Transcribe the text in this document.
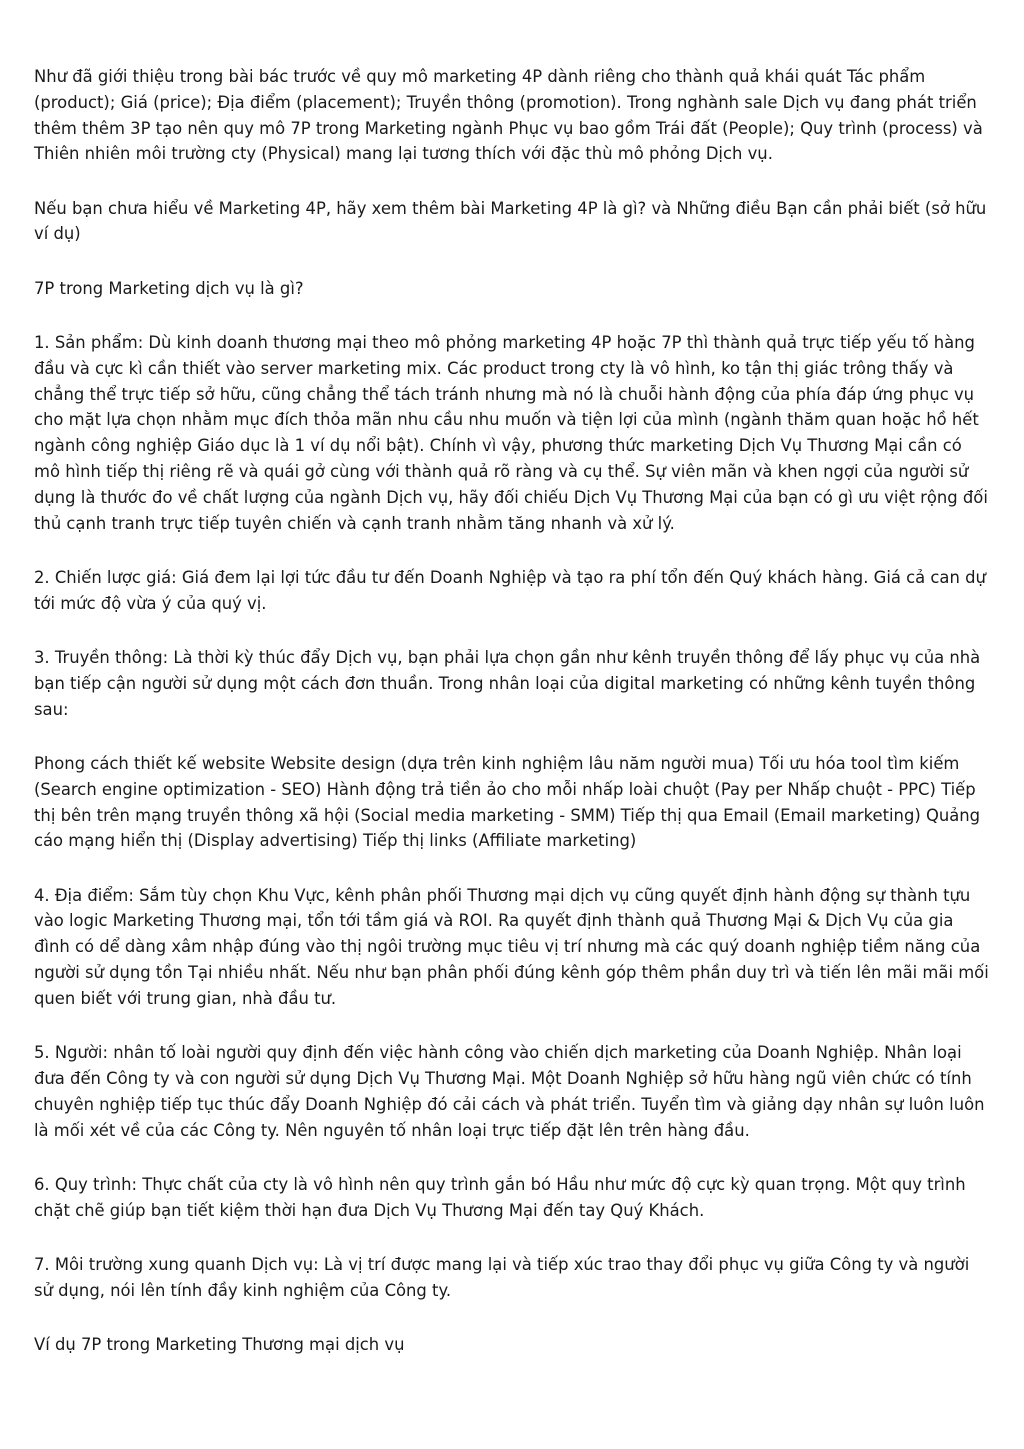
Như đã giới thiệu trong bài bác trước về quy mô marketing 4P dành riêng cho thành quả khái quát Tác phẩm (product); Giá (price); Địa điểm (placement); Truyền thông (promotion). Trong nghành sale Dịch vụ đang phát triển thêm thêm 3P tạo nên quy mô 7P trong Marketing ngành Phục vụ bao gồm Trái đất (People); Quy trình (process) và Thiên nhiên môi trường cty (Physical) mang lại tương thích với đặc thù mô phỏng Dịch vụ.

Nếu bạn chưa hiểu về Marketing 4P, hãy xem thêm bài Marketing 4P là gì? và Những điều Bạn cần phải biết (sở hữu ví dụ)

7P trong Marketing dịch vụ là gì?

1. Sản phẩm: Dù kinh doanh thương mại theo mô phỏng marketing 4P hoặc 7P thì thành quả trực tiếp yếu tố hàng đầu và cực kì cần thiết vào server marketing mix. Các product trong cty là vô hình, ko tận thị giác trông thấy và chẳng thể trực tiếp sở hữu, cũng chẳng thể tách tránh nhưng mà nó là chuỗi hành động của phía đáp ứng phục vụ cho mặt lựa chọn nhằm mục đích thỏa mãn nhu cầu nhu muốn và tiện lợi của mình (ngành thăm quan hoặc hồ hết ngành công nghiệp Giáo dục là 1 ví dụ nổi bật). Chính vì vậy, phương thức marketing Dịch Vụ Thương Mại cần có mô hình tiếp thị riêng rẽ và quái gở cùng với thành quả rõ ràng và cụ thể. Sự viên mãn và khen ngợi của người sử dụng là thước đo về chất lượng của ngành Dịch vụ, hãy đối chiếu Dịch Vụ Thương Mại của bạn có gì ưu việt rộng đối thủ cạnh tranh trực tiếp tuyên chiến và cạnh tranh nhằm tăng nhanh và xử lý.

2. Chiến lược giá: Giá đem lại lợi tức đầu tư đến Doanh Nghiệp và tạo ra phí tổn đến Quý khách hàng. Giá cả can dự tới mức độ vừa ý của quý vị.

3. Truyền thông: Là thời kỳ thúc đẩy Dịch vụ, bạn phải lựa chọn gần như kênh truyền thông để lấy phục vụ của nhà bạn tiếp cận người sử dụng một cách đơn thuần. Trong nhân loại của digital marketing có những kênh tuyền thông sau:

Phong cách thiết kế website Website design (dựa trên kinh nghiệm lâu năm người mua) Tối ưu hóa tool tìm kiếm (Search engine optimization - SEO) Hành động trả tiền ảo cho mỗi nhấp loài chuột (Pay per Nhấp chuột - PPC) Tiếp thị bên trên mạng truyền thông xã hội (Social media marketing - SMM) Tiếp thị qua Email (Email marketing) Quảng cáo mạng hiển thị (Display advertising) Tiếp thị links (Affiliate marketing)

4. Địa điểm: Sắm tùy chọn Khu Vực, kênh phân phối Thương mại dịch vụ cũng quyết định hành động sự thành tựu vào logic Marketing Thương mại, tổn tới tầm giá và ROI. Ra quyết định thành quả Thương Mại & Dịch Vụ của gia đình có dể dàng xâm nhập đúng vào thị ngôi trường mục tiêu vị trí nhưng mà các quý doanh nghiệp tiềm năng của người sử dụng tồn Tại nhiều nhất. Nếu như bạn phân phối đúng kênh góp thêm phần duy trì và tiến lên mãi mãi mối quen biết với trung gian, nhà đầu tư.

5. Người: nhân tố loài người quy định đến việc hành công vào chiến dịch marketing của Doanh Nghiệp. Nhân loại đưa đến Công ty và con người sử dụng Dịch Vụ Thương Mại. Một Doanh Nghiệp sở hữu hàng ngũ viên chức có tính chuyên nghiệp tiếp tục thúc đẩy Doanh Nghiệp đó cải cách và phát triển. Tuyển tìm và giảng dạy nhân sự luôn luôn là mối xét về của các Công ty. Nên nguyên tố nhân loại trực tiếp đặt lên trên hàng đầu.

6. Quy trình: Thực chất của cty là vô hình nên quy trình gắn bó Hầu như mức độ cực kỳ quan trọng. Một quy trình chặt chẽ giúp bạn tiết kiệm thời hạn đưa Dịch Vụ Thương Mại đến tay Quý Khách.

7. Môi trường xung quanh Dịch vụ: Là vị trí được mang lại và tiếp xúc trao thay đổi phục vụ giữa Công ty và người sử dụng, nói lên tính đầy kinh nghiệm của Công ty.

Ví dụ 7P trong Marketing Thương mại dịch vụ
